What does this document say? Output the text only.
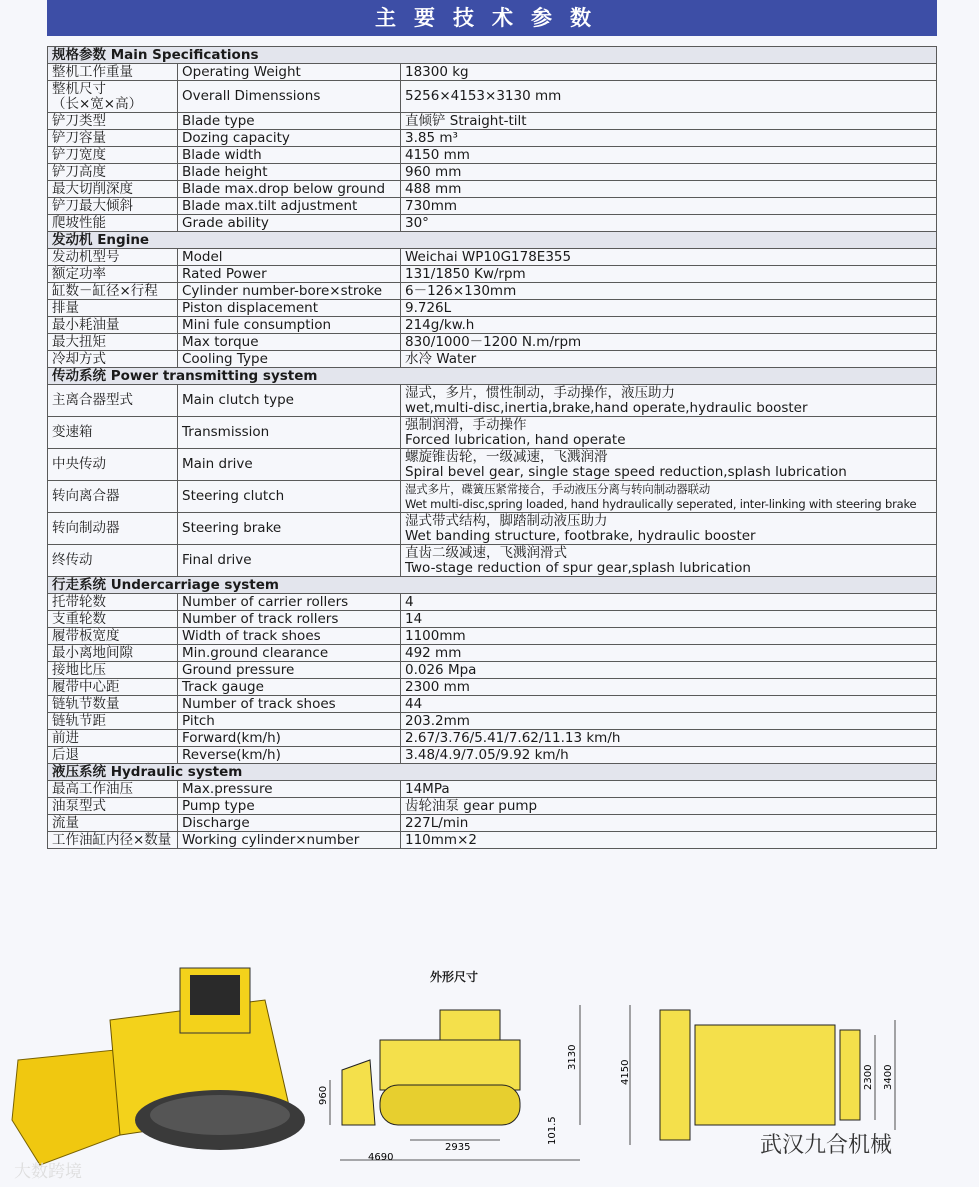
主要技术参数
规格参数 Main Specifications		
整机工作重量	Operating Weight	18300 kg
整机尺寸
（长×宽×高）	Overall Dimenssions	5256×4153×3130 mm
铲刀类型	Blade type	直倾铲 Straight-tilt
铲刀容量	Dozing capacity	3.85 m³
铲刀宽度	Blade width	4150 mm
铲刀高度	Blade height	960 mm
最大切削深度	Blade max.drop below ground	488 mm
铲刀最大倾斜	Blade max.tilt adjustment	730mm
爬坡性能	Grade ability	30°
发动机 Engine		
发动机型号	Model	Weichai WP10G178E355
额定功率	Rated Power	131/1850 Kw/rpm
缸数－缸径×行程	Cylinder number-bore×stroke	6－126×130mm
排量	Piston displacement	9.726L
最小耗油量	Mini fule consumption	214g/kw.h
最大扭矩	Max torque	830/1000－1200 N.m/rpm
冷却方式	Cooling Type	水冷 Water
传动系统 Power transmitting system		
主离合器型式	Main clutch type	湿式，多片，惯性制动，手动操作，液压助力
wet,multi-disc,inertia,brake,hand operate,hydraulic booster
变速箱	Transmission	强制润滑，手动操作
Forced lubrication, hand operate
中央传动	Main drive	螺旋锥齿轮，一级减速，飞溅润滑
Spiral bevel gear, single stage speed reduction,splash lubrication
转向离合器	Steering clutch	湿式多片，碟簧压紧常接合，手动液压分离与转向制动器联动
Wet multi-disc,spring loaded, hand hydraulically seperated, inter-linking with steering brake
转向制动器	Steering brake	湿式带式结构，脚踏制动液压助力
Wet banding structure, footbrake, hydraulic booster
终传动	Final drive	直齿二级减速，飞溅润滑式
Two-stage reduction of spur gear,splash lubrication
行走系统 Undercarriage system		
托带轮数	Number of carrier rollers	4
支重轮数	Number of track rollers	14
履带板宽度	Width of track shoes	1100mm
最小离地间隙	Min.ground clearance	492 mm
接地比压	Ground pressure	0.026 Mpa
履带中心距	Track gauge	2300 mm
链轨节数量	Number of track shoes	44
链轨节距	Pitch	203.2mm
前进	Forward(km/h)	2.67/3.76/5.41/7.62/11.13 km/h
后退	Reverse(km/h)	3.48/4.9/7.05/9.92 km/h
液压系统 Hydraulic system		
最高工作油压	Max.pressure	14MPa
油泵型式	Pump type	齿轮油泵 gear pump
流量	Discharge	227L/min
工作油缸内径×数量	Working cylinder×number	110mm×2
3130
960
101.5
2935
4690
4150	2300 3400
外形尺寸
大数跨境
武汉九合机械
